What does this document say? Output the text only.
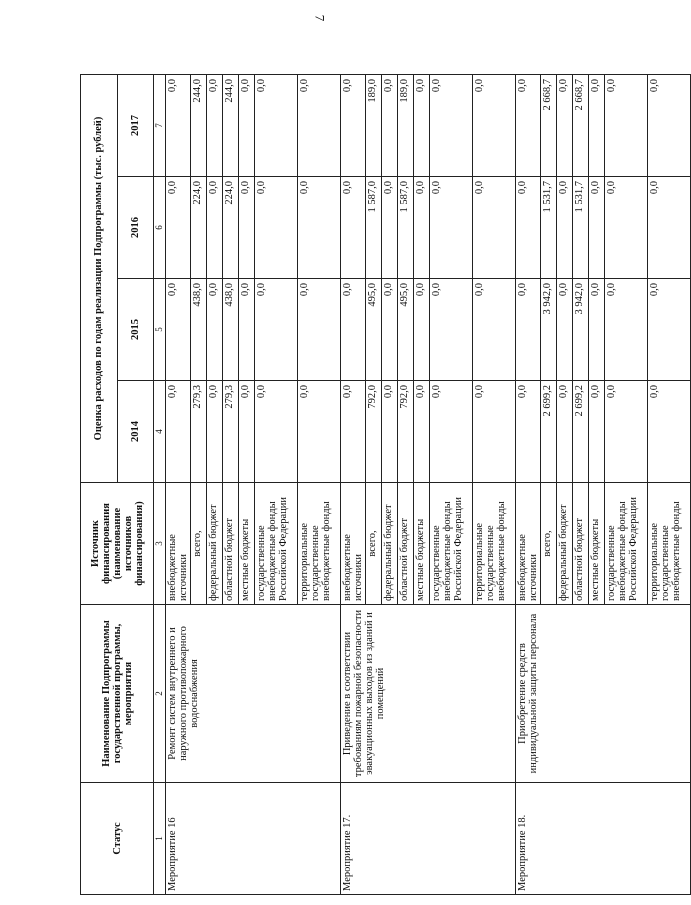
7
Статус	Наименование Подпрограммы государственной программы, мероприятия	Источник финансирования (наименование источников финансирования)	Оценка расходов по годам реализации Подпрограммы (тыс. рублей)			
			2014	2015	2016	2017
1	2	3	4	5	6	7
Мероприятие 16	Ремонт систем внутреннего и наружного противопожарного водоснабжения	внебюджетные источники	0,0	0,0	0,0	0,0
		всего,	279,3	438,0	224,0	244,0
		федеральный бюджет	0,0	0,0	0,0	0,0
		областной бюджет	279,3	438,0	224,0	244,0
		местные бюджеты	0,0	0,0	0,0	0,0
		государственные внебюджетные фонды Российской Федерации	0,0	0,0	0,0	0,0
		территориальные государственные внебюджетные фонды	0,0	0,0	0,0	0,0
Мероприятие 17.	Приведение в соответствии требованиям пожарной безопасности эвакуационных выходов из зданий и помещений	внебюджетные источники	0,0	0,0	0,0	0,0
		всего,	792,0	495,0	1 587,0	189,0
		федеральный бюджет	0,0	0,0	0,0	0,0
		областной бюджет	792,0	495,0	1 587,0	189,0
		местные бюджеты	0,0	0,0	0,0	0,0
		государственные внебюджетные фонды Российской Федерации	0,0	0,0	0,0	0,0
		территориальные государственные внебюджетные фонды	0,0	0,0	0,0	0,0
Мероприятие 18.	Приобретение средств индивидуальной защиты персонала	внебюджетные источники	0,0	0,0	0,0	0,0
		всего,	2 699,2	3 942,0	1 531,7	2 668,7
		федеральный бюджет	0,0	0,0	0,0	0,0
		областной бюджет	2 699,2	3 942,0	1 531,7	2 668,7
		местные бюджеты	0,0	0,0	0,0	0,0
		государственные внебюджетные фонды Российской Федерации	0,0	0,0	0,0	0,0
		территориальные государственные внебюджетные фонды	0,0	0,0	0,0	0,0
